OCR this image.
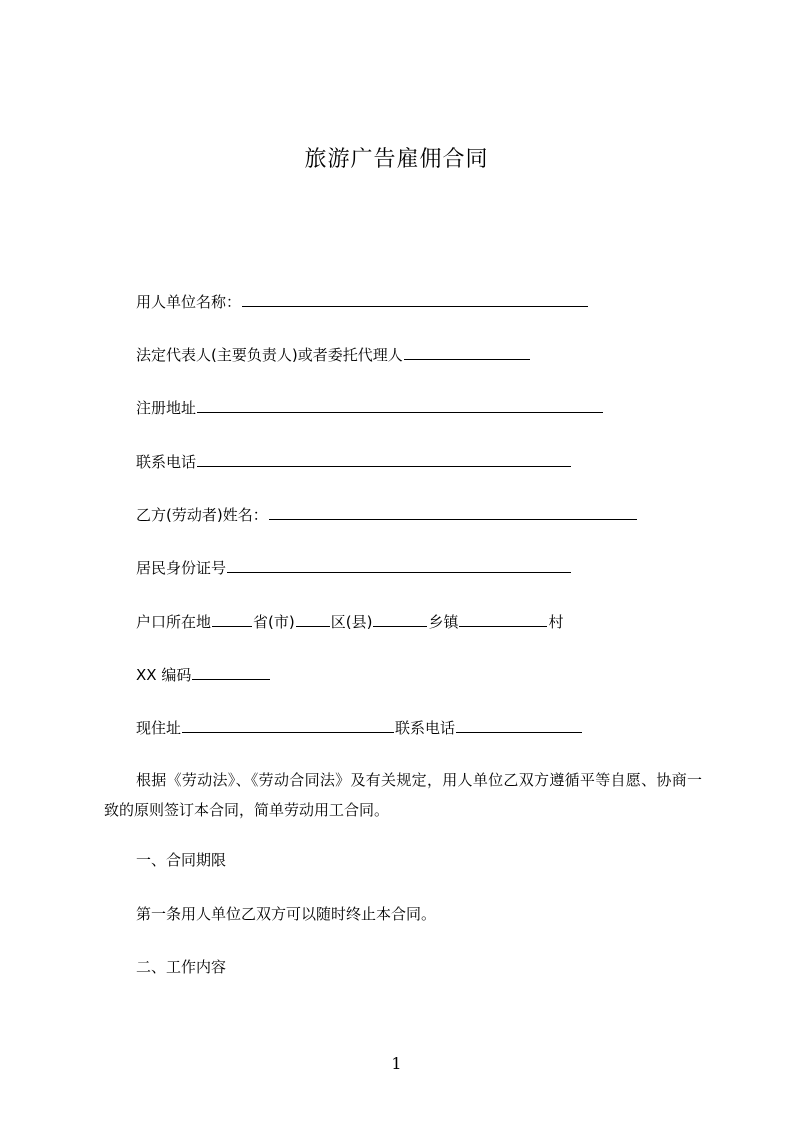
旅游广告雇佣合同
用人单位名称：
法定代表人(主要负责人)或者委托代理人
注册地址
联系电话
乙方(劳动者)姓名：
居民身份证号
户口所在地	省(市) 区(县)	乡镇	村
XX 编码
现住址	联系电话
根据《劳动法》、《劳动合同法》及有关规定，用人单位乙双方遵循平等自愿、协商一致的原则签订本合同，简单劳动用工合同。
一、合同期限
第一条用人单位乙双方可以随时终止本合同。
二、工作内容
1
